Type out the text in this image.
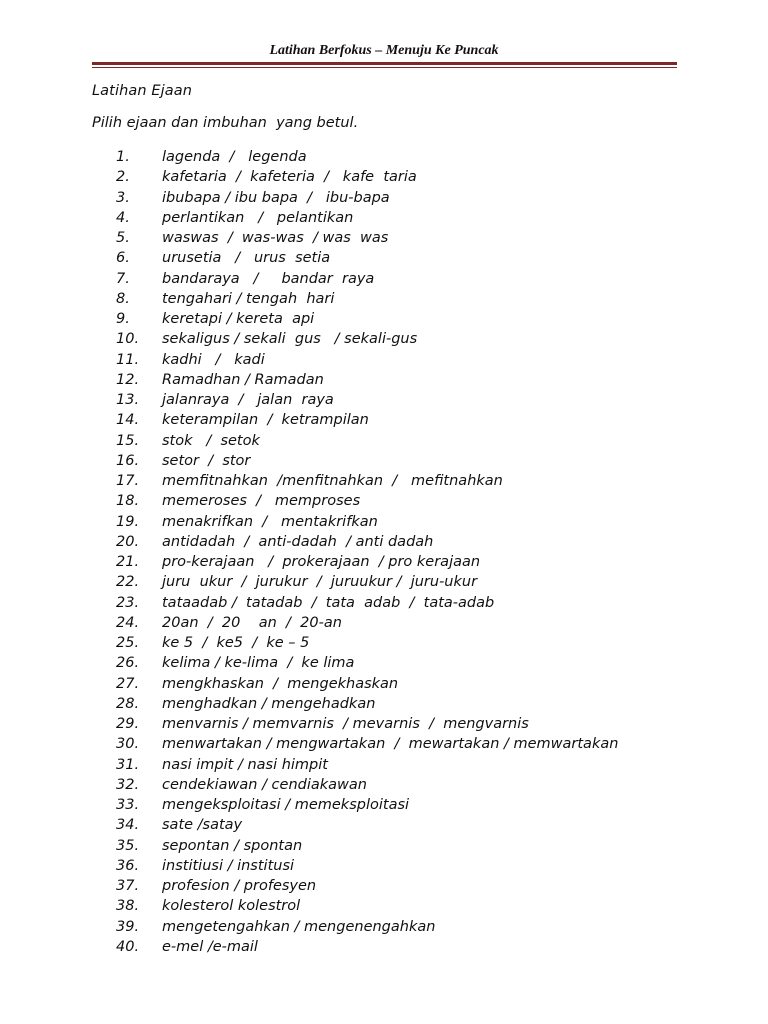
Latihan Berfokus – Menuju Ke Puncak
Latihan Ejaan
Pilih ejaan dan imbuhan  yang betul.
1. lagenda  /   legenda
2. kafetaria  /  kafeteria  /   kafe  taria
3. ibubapa / ibu bapa  /   ibu-bapa
4. perlantikan   /   pelantikan
5. waswas  /  was-was  / was  was
6. urusetia   /   urus  setia
7. bandaraya   /     bandar  raya
8. tengahari / tengah  hari
9. keretapi / kereta  api
10. sekaligus / sekali  gus   / sekali-gus
11. kadhi   /   kadi
12. Ramadhan / Ramadan
13. jalanraya  /   jalan  raya
14. keterampilan  /  ketrampilan
15. stok   /  setok
16. setor  /  stor
17. memfitnahkan  /menfitnahkan  /   mefitnahkan
18. memeroses  /   memproses
19. menakrifkan  /   mentakrifkan
20. antidadah  /  anti-dadah  / anti dadah
21. pro-kerajaan   /  prokerajaan  / pro kerajaan
22. juru  ukur  /  jurukur  /  juruukur /  juru-ukur
23. tataadab /  tatadab  /  tata  adab  /  tata-adab
24. 20an  /  20    an  /  20-an
25. ke 5  /  ke5  /  ke – 5
26. kelima / ke-lima  /  ke lima
27. mengkhaskan  /  mengekhaskan
28. menghadkan / mengehadkan
29. menvarnis / memvarnis  / mevarnis  /  mengvarnis
30. menwartakan / mengwartakan  /  mewartakan / memwartakan
31. nasi impit / nasi himpit
32. cendekiawan / cendiakawan
33. mengeksploitasi / memeksploitasi
34. sate /satay
35. sepontan / spontan
36. institiusi / institusi
37. profesion / profesyen
38. kolesterol kolestrol
39. mengetengahkan / mengenengahkan
40. e-mel /e-mail
